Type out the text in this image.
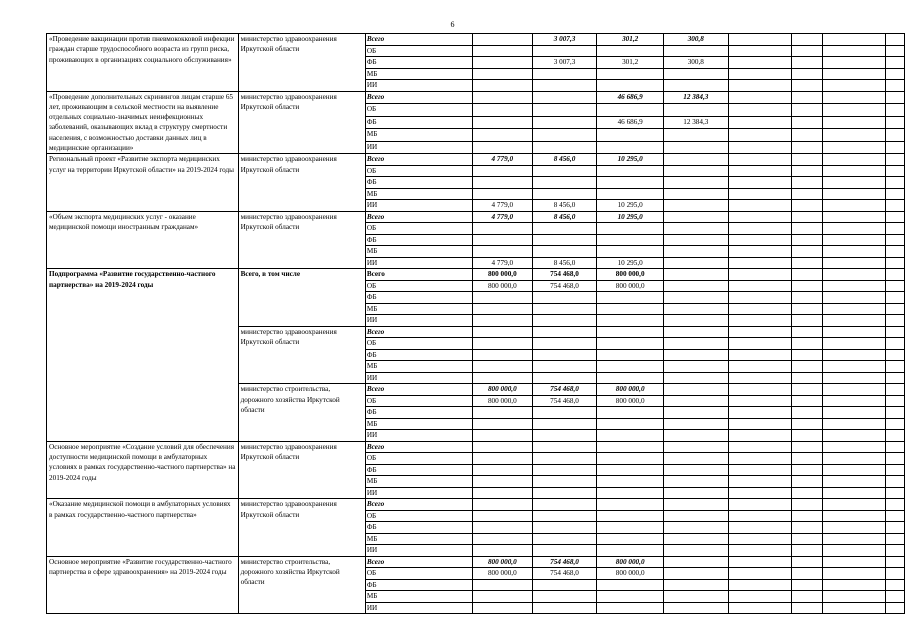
6
«Проведение вакцинации против пневмококковой инфекции граждан старше трудоспособного возраста из групп риска, проживающих в организациях социального обслуживания»	министерство здравоохранения Иркутской области	Всего		3 007,3	301,2	300,8				
		ОБ								
		ФБ		3 007,3	301,2	300,8				
		МБ								
		ИИ								
«Проведение дополнительных скринингов лицам старше 65 лет, проживающим в сельской местности на выявление отдельных социально-значимых неинфекционных заболеваний, оказывающих вклад в структуру смертности населения, с возможностью доставки данных лиц в медицинские организации»	министерство здравоохранения Иркутской области	Всего			46 686,9	12 384,3				
		ОБ								
		ФБ			46 686,9	12 384,3				
		МБ								
		ИИ								
Региональный проект «Развитие экспорта медицинских услуг на территории Иркутской области» на 2019-2024 годы	министерство здравоохранения Иркутской области	Всего	4 779,0	8 456,0	10 295,0					
		ОБ								
		ФБ								
		МБ								
		ИИ	4 779,0	8 456,0	10 295,0					
«Объем экспорта медицинских услуг - оказание медицинской помощи иностранным гражданам»	министерство здравоохранения Иркутской области	Всего	4 779,0	8 456,0	10 295,0					
		ОБ								
		ФБ								
		МБ								
		ИИ	4 779,0	8 456,0	10 295,0					
Подпрограмма «Развитие государственно-частного партнерства» на 2019-2024 годы	Всего, в том числе	Всего	800 000,0	754 468,0	800 000,0					
		ОБ	800 000,0	754 468,0	800 000,0					
		ФБ								
		МБ								
		ИИ								
	министерство здравоохранения Иркутской области	Всего								
		ОБ								
		ФБ								
		МБ								
		ИИ								
	министерство строительства, дорожного хозяйства Иркутской области	Всего	800 000,0	754 468,0	800 000,0					
		ОБ	800 000,0	754 468,0	800 000,0					
		ФБ								
		МБ								
		ИИ								
Основное мероприятие «Создание условий для обеспечения доступности медицинской помощи в амбулаторных условиях в рамках государственно-частного партнерства» на 2019-2024 годы	министерство здравоохранения Иркутской области	Всего								
		ОБ								
		ФБ								
		МБ								
		ИИ								
«Оказание медицинской помощи в амбулаторных условиях в рамках государственно-частного партнерства»	министерство здравоохранения Иркутской области	Всего								
		ОБ								
		ФБ								
		МБ								
		ИИ								
Основное мероприятие «Развитие государственно-частного партнерства в сфере здравоохранения» на 2019-2024 годы	министерство строительства, дорожного хозяйства Иркутской области	Всего	800 000,0	754 468,0	800 000,0					
		ОБ	800 000,0	754 468,0	800 000,0					
		ФБ								
		МБ								
		ИИ								
